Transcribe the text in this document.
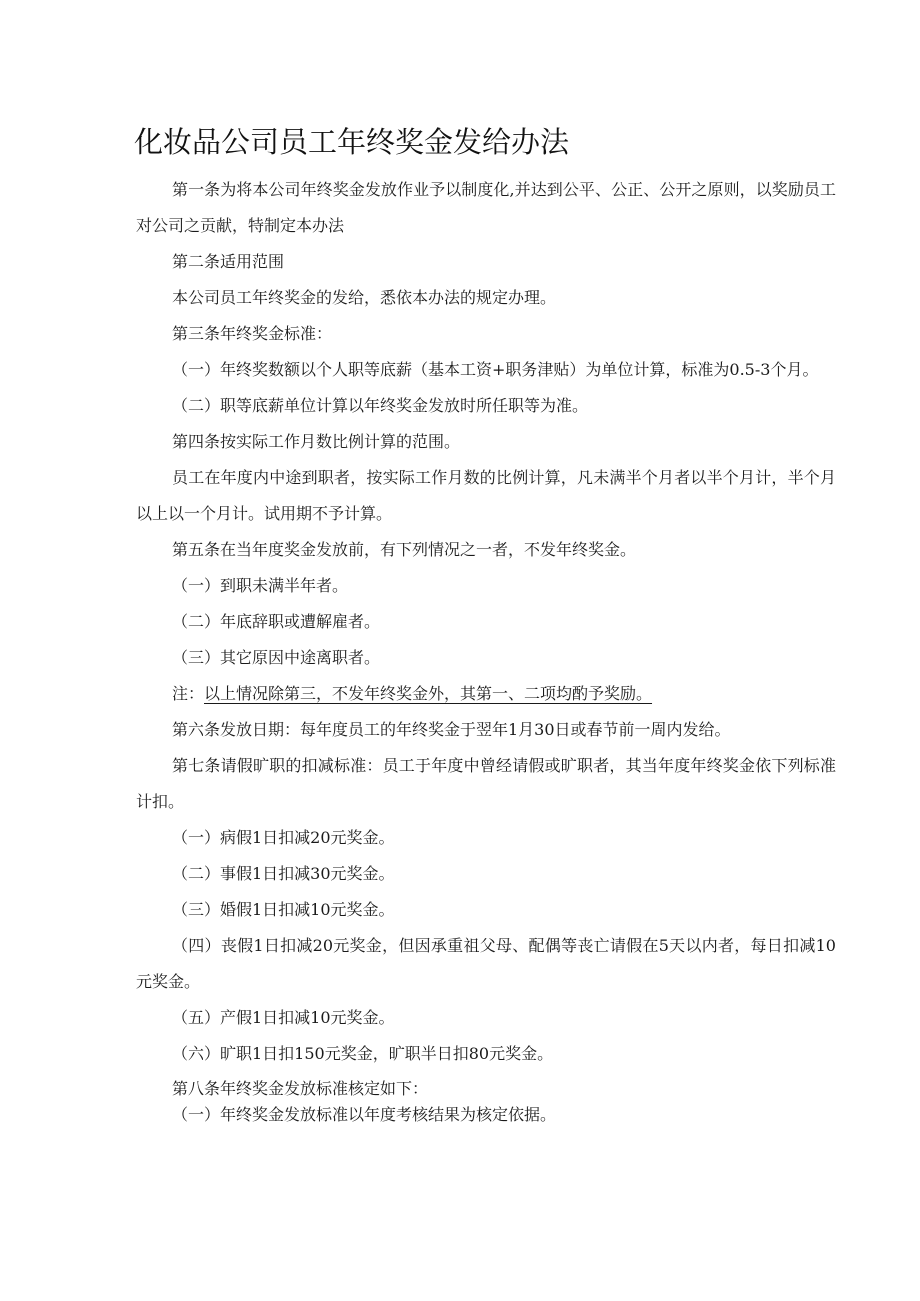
化妆品公司员工年终奖金发给办法

第一条为将本公司年终奖金发放作业予以制度化,并达到公平、公正、公开之原则，以奖励员工对公司之贡献，特制定本办法

第二条适用范围

本公司员工年终奖金的发给，悉依本办法的规定办理。

第三条年终奖金标准：

（一）年终奖数额以个人职等底薪（基本工资+职务津贴）为单位计算，标准为0.5-3个月。

（二）职等底薪单位计算以年终奖金发放时所任职等为准。

第四条按实际工作月数比例计算的范围。

员工在年度内中途到职者，按实际工作月数的比例计算，凡未满半个月者以半个月计，半个月以上以一个月计。试用期不予计算。

第五条在当年度奖金发放前，有下列情况之一者，不发年终奖金。

（一）到职未满半年者。

（二）年底辞职或遭解雇者。

（三）其它原因中途离职者。

注：以上情况除第三，不发年终奖金外，其第一、二项均酌予奖励。

第六条发放日期：每年度员工的年终奖金于翌年1月30日或春节前一周内发给。

第七条请假旷职的扣减标准：员工于年度中曾经请假或旷职者，其当年度年终奖金依下列标准计扣。

（一）病假1日扣减20元奖金。

（二）事假1日扣减30元奖金。

（三）婚假1日扣减10元奖金。

（四）丧假1日扣减20元奖金，但因承重祖父母、配偶等丧亡请假在5天以内者，每日扣减10元奖金。

（五）产假1日扣减10元奖金。

（六）旷职1日扣150元奖金，旷职半日扣80元奖金。

第八条年终奖金发放标准核定如下：

（一）年终奖金发放标准以年度考核结果为核定依据。
